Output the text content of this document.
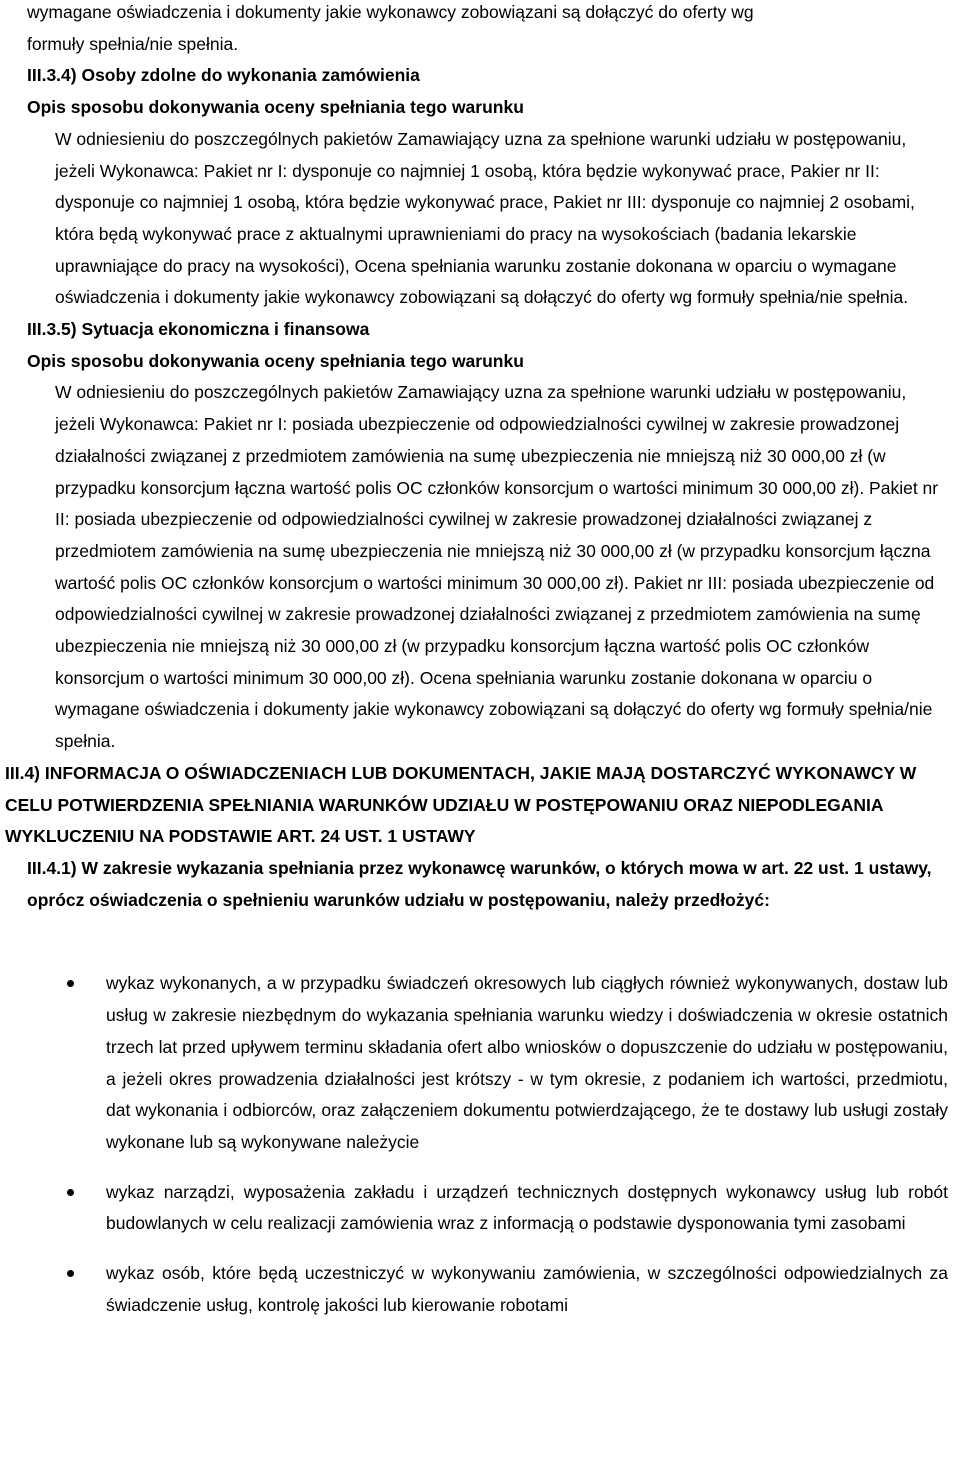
wymagane oświadczenia i dokumenty jakie wykonawcy zobowiązani są dołączyć do oferty wg
formuły spełnia/nie spełnia.
III.3.4) Osoby zdolne do wykonania zamówienia
Opis sposobu dokonywania oceny spełniania tego warunku
W odniesieniu do poszczególnych pakietów Zamawiający uzna za spełnione warunki udziału w postępowaniu, jeżeli Wykonawca: Pakiet nr I: dysponuje co najmniej 1 osobą, która będzie wykonywać prace, Pakier nr II: dysponuje co najmniej 1 osobą, która będzie wykonywać prace, Pakiet nr III: dysponuje co najmniej 2 osobami, która będą wykonywać prace z aktualnymi uprawnieniami do pracy na wysokościach (badania lekarskie uprawniające do pracy na wysokości), Ocena spełniania warunku zostanie dokonana w oparciu o wymagane oświadczenia i dokumenty jakie wykonawcy zobowiązani są dołączyć do oferty wg formuły spełnia/nie spełnia.
III.3.5) Sytuacja ekonomiczna i finansowa
Opis sposobu dokonywania oceny spełniania tego warunku
W odniesieniu do poszczególnych pakietów Zamawiający uzna za spełnione warunki udziału w postępowaniu, jeżeli Wykonawca: Pakiet nr I: posiada ubezpieczenie od odpowiedzialności cywilnej w zakresie prowadzonej działalności związanej z przedmiotem zamówienia na sumę ubezpieczenia nie mniejszą niż 30 000,00 zł (w przypadku konsorcjum łączna wartość polis OC członków konsorcjum o wartości minimum 30 000,00 zł). Pakiet nr II: posiada ubezpieczenie od odpowiedzialności cywilnej w zakresie prowadzonej działalności związanej z przedmiotem zamówienia na sumę ubezpieczenia nie mniejszą niż 30 000,00 zł (w przypadku konsorcjum łączna wartość polis OC członków konsorcjum o wartości minimum 30 000,00 zł). Pakiet nr III: posiada ubezpieczenie od odpowiedzialności cywilnej w zakresie prowadzonej działalności związanej z przedmiotem zamówienia na sumę ubezpieczenia nie mniejszą niż 30 000,00 zł (w przypadku konsorcjum łączna wartość polis OC członków konsorcjum o wartości minimum 30 000,00 zł). Ocena spełniania warunku zostanie dokonana w oparciu o wymagane oświadczenia i dokumenty jakie wykonawcy zobowiązani są dołączyć do oferty wg formuły spełnia/nie spełnia.
III.4) INFORMACJA O OŚWIADCZENIACH LUB DOKUMENTACH, JAKIE MAJĄ DOSTARCZYĆ WYKONAWCY W CELU POTWIERDZENIA SPEŁNIANIA WARUNKÓW UDZIAŁU W POSTĘPOWANIU ORAZ NIEPODLEGANIA WYKLUCZENIU NA PODSTAWIE ART. 24 UST. 1 USTAWY
III.4.1) W zakresie wykazania spełniania przez wykonawcę warunków, o których mowa w art. 22 ust. 1 ustawy, oprócz oświadczenia o spełnieniu warunków udziału w postępowaniu, należy przedłożyć:
wykaz wykonanych, a w przypadku świadczeń okresowych lub ciągłych również wykonywanych, dostaw lub usług w zakresie niezbędnym do wykazania spełniania warunku wiedzy i doświadczenia w okresie ostatnich trzech lat przed upływem terminu składania ofert albo wniosków o dopuszczenie do udziału w postępowaniu, a jeżeli okres prowadzenia działalności jest krótszy - w tym okresie, z podaniem ich wartości, przedmiotu, dat wykonania i odbiorców, oraz załączeniem dokumentu potwierdzającego, że te dostawy lub usługi zostały wykonane lub są wykonywane należycie
wykaz narządzi, wyposażenia zakładu i urządzeń technicznych dostępnych wykonawcy usług lub robót budowlanych w celu realizacji zamówienia wraz z informacją o podstawie dysponowania tymi zasobami
wykaz osób, które będą uczestniczyć w wykonywaniu zamówienia, w szczególności odpowiedzialnych za świadczenie usług, kontrolę jakości lub kierowanie robotami
